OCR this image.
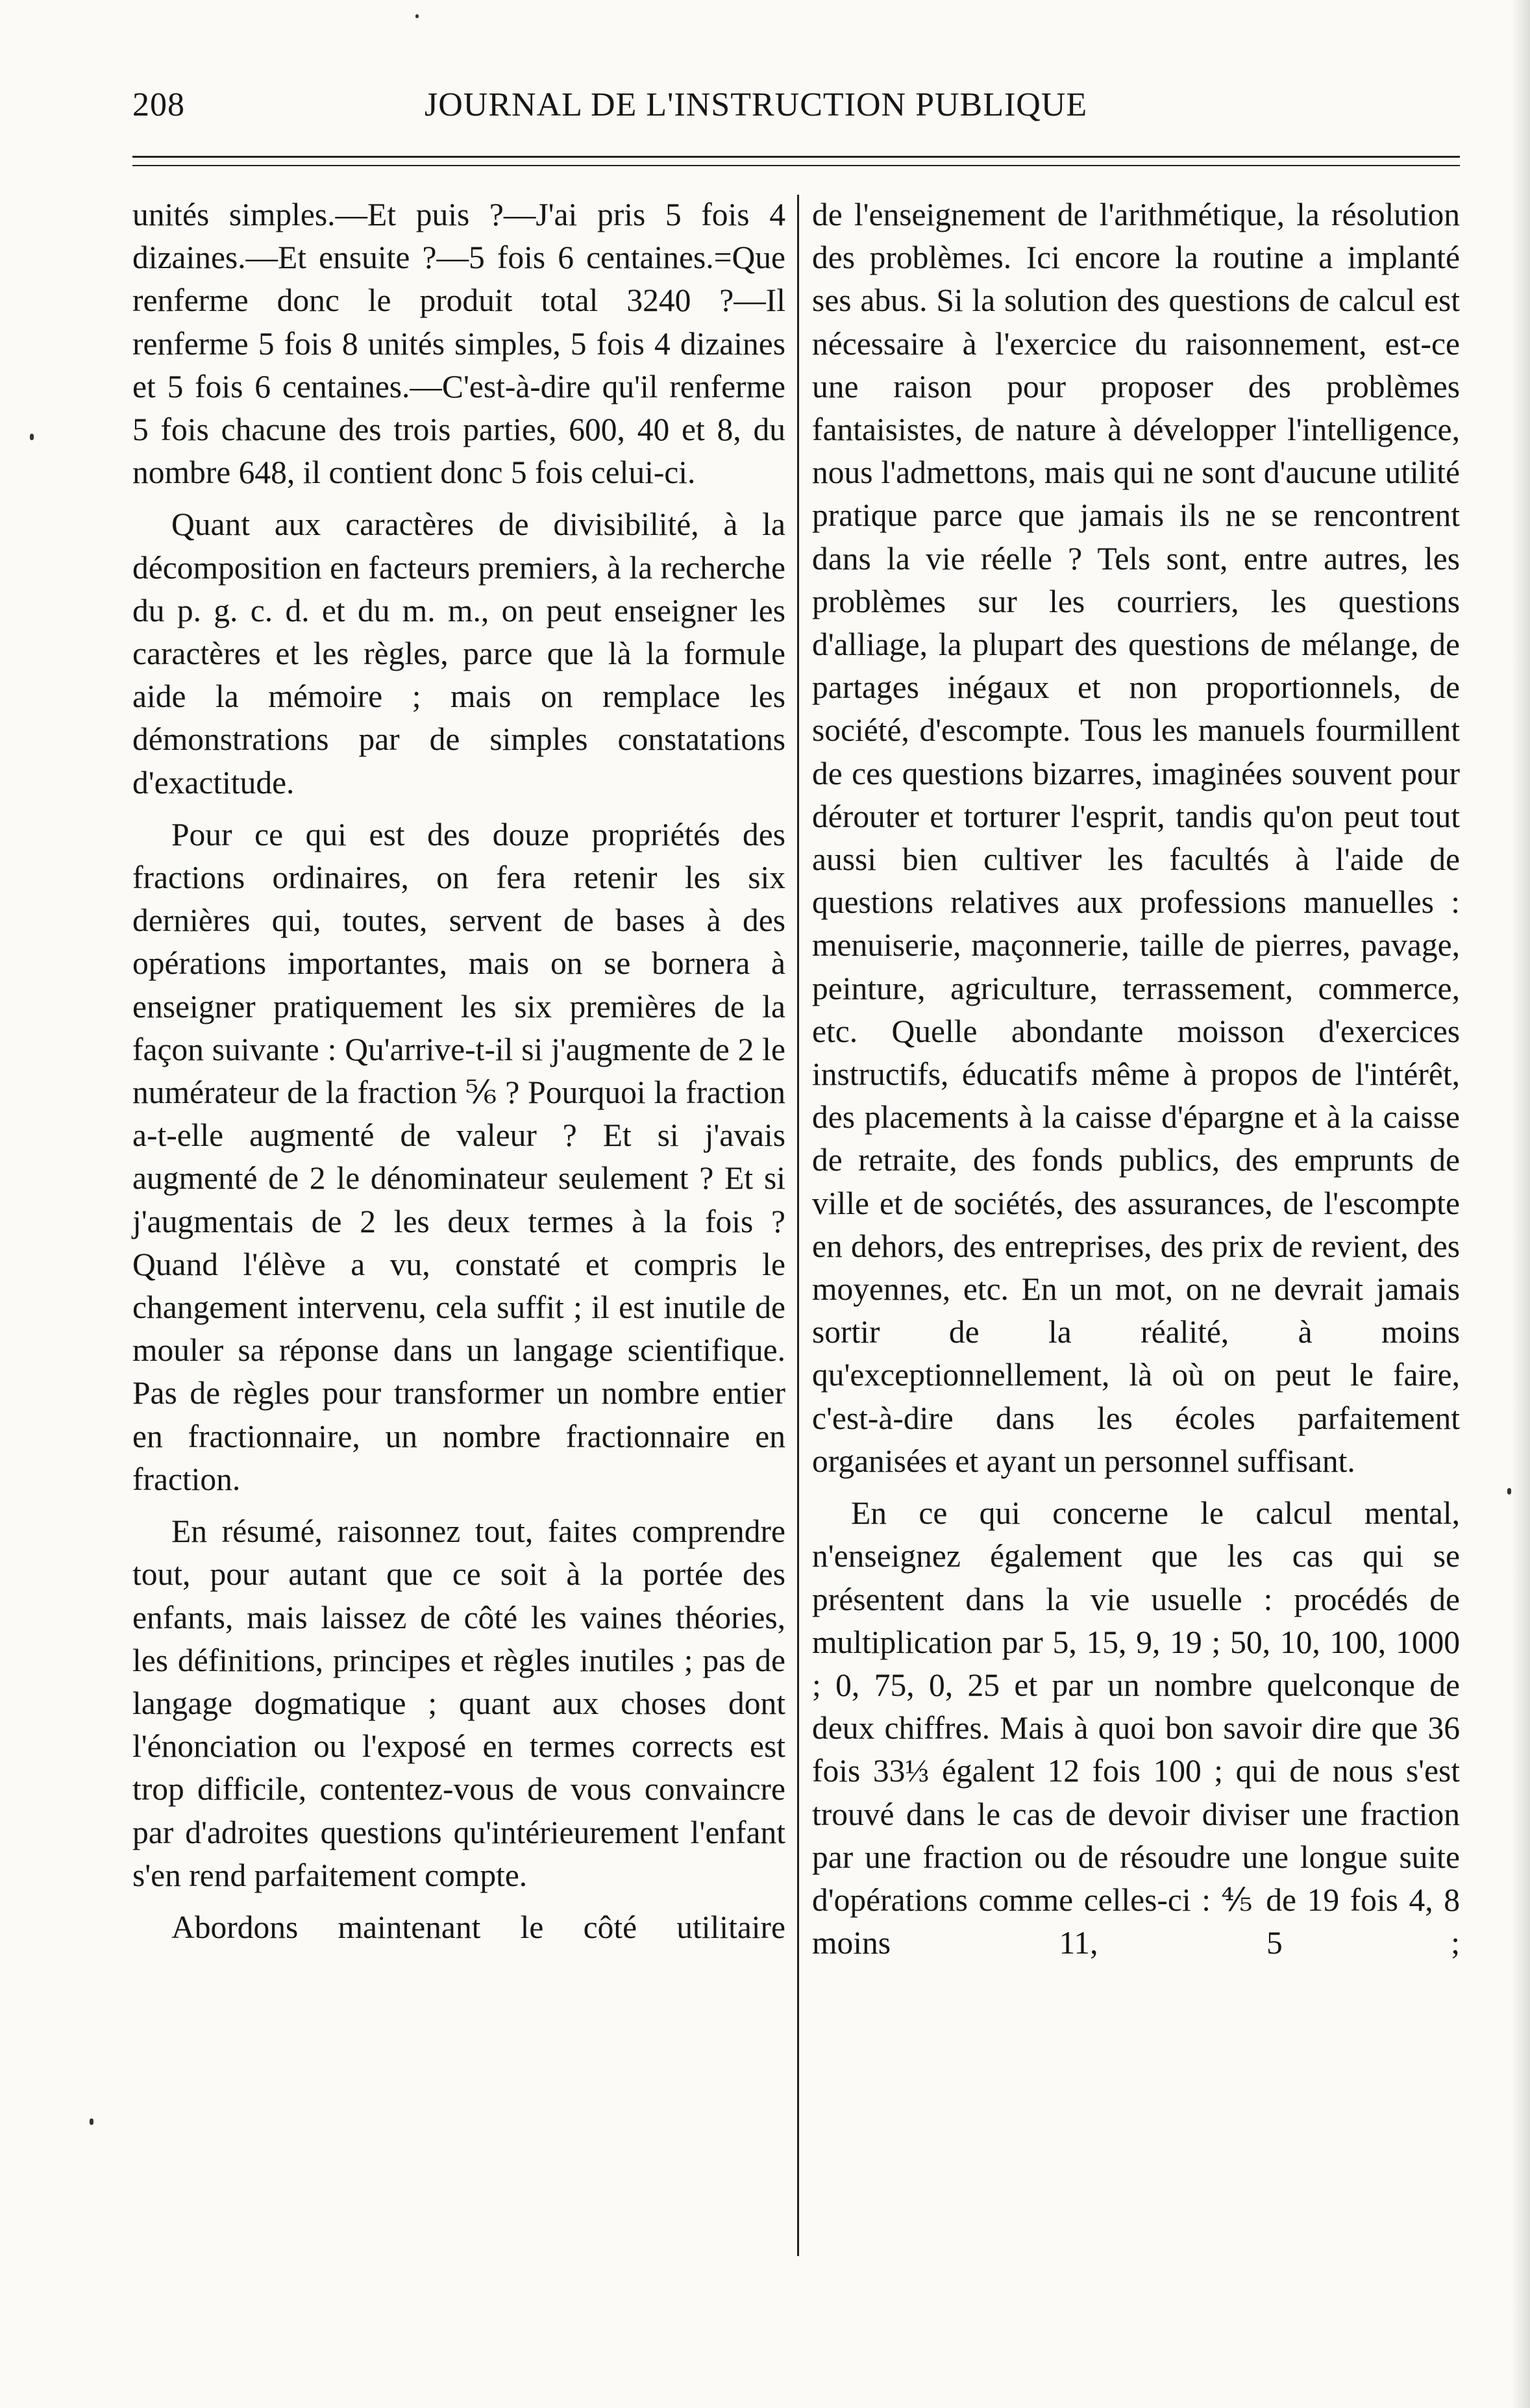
208	JOURNAL DE L'INSTRUCTION PUBLIQUE

unités simples.—Et puis ?—J'ai pris 5 fois 4 dizaines.—Et ensuite ?—5 fois 6 centaines.=Que renferme donc le produit total 3240 ?—Il renferme 5 fois 8 unités simples, 5 fois 4 dizaines et 5 fois 6 centaines.—C'est-à-dire qu'il renferme 5 fois chacune des trois parties, 600, 40 et 8, du nombre 648, il contient donc 5 fois celui-ci.

Quant aux caractères de divisibilité, à la décomposition en facteurs premiers, à la recherche du p. g. c. d. et du m. m., on peut enseigner les caractères et les règles, parce que là la formule aide la mémoire ; mais on remplace les démonstrations par de simples constatations d'exactitude.

Pour ce qui est des douze propriétés des fractions ordinaires, on fera retenir les six dernières qui, toutes, servent de bases à des opérations importantes, mais on se bornera à enseigner pratiquement les six premières de la façon suivante : Qu'arrive-t-il si j'augmente de 2 le numérateur de la fraction ⅚ ? Pourquoi la fraction a-t-elle augmenté de valeur ? Et si j'avais augmenté de 2 le dénominateur seulement ? Et si j'augmentais de 2 les deux termes à la fois ? Quand l'élève a vu, constaté et compris le changement intervenu, cela suffit ; il est inutile de mouler sa réponse dans un langage scientifique. Pas de règles pour transformer un nombre entier en fractionnaire, un nombre fractionnaire en fraction.

En résumé, raisonnez tout, faites comprendre tout, pour autant que ce soit à la portée des enfants, mais laissez de côté les vaines théories, les définitions, principes et règles inutiles ; pas de langage dogmatique ; quant aux choses dont l'énonciation ou l'exposé en termes corrects est trop difficile, contentez-vous de vous convaincre par d'adroites questions qu'intérieurement l'enfant s'en rend parfaitement compte.

Abordons maintenant le côté utilitaire

de l'enseignement de l'arithmétique, la résolution des problèmes. Ici encore la routine a implanté ses abus. Si la solution des questions de calcul est nécessaire à l'exercice du raisonnement, est-ce une raison pour proposer des problèmes fantaisistes, de nature à développer l'intelligence, nous l'admettons, mais qui ne sont d'aucune utilité pratique parce que jamais ils ne se rencontrent dans la vie réelle ? Tels sont, entre autres, les problèmes sur les courriers, les questions d'alliage, la plupart des questions de mélange, de partages inégaux et non proportionnels, de société, d'escompte. Tous les manuels fourmillent de ces questions bizarres, imaginées souvent pour dérouter et torturer l'esprit, tandis qu'on peut tout aussi bien cultiver les facultés à l'aide de questions relatives aux professions manuelles : menuiserie, maçonnerie, taille de pierres, pavage, peinture, agriculture, terrassement, commerce, etc. Quelle abondante moisson d'exercices instructifs, éducatifs même à propos de l'intérêt, des placements à la caisse d'épargne et à la caisse de retraite, des fonds publics, des emprunts de ville et de sociétés, des assurances, de l'escompte en dehors, des entreprises, des prix de revient, des moyennes, etc. En un mot, on ne devrait jamais sortir de la réalité, à moins qu'exceptionnellement, là où on peut le faire, c'est-à-dire dans les écoles parfaitement organisées et ayant un personnel suffisant.

En ce qui concerne le calcul mental, n'enseignez également que les cas qui se présentent dans la vie usuelle : procédés de multiplication par 5, 15, 9, 19 ; 50, 10, 100, 1000 ; 0, 75, 0, 25 et par un nombre quelconque de deux chiffres. Mais à quoi bon savoir dire que 36 fois 33⅓ égalent 12 fois 100 ; qui de nous s'est trouvé dans le cas de devoir diviser une fraction par une fraction ou de résoudre une longue suite d'opérations comme celles-ci : ⅘ de 19 fois 4, 8 moins 11, 5 ;
